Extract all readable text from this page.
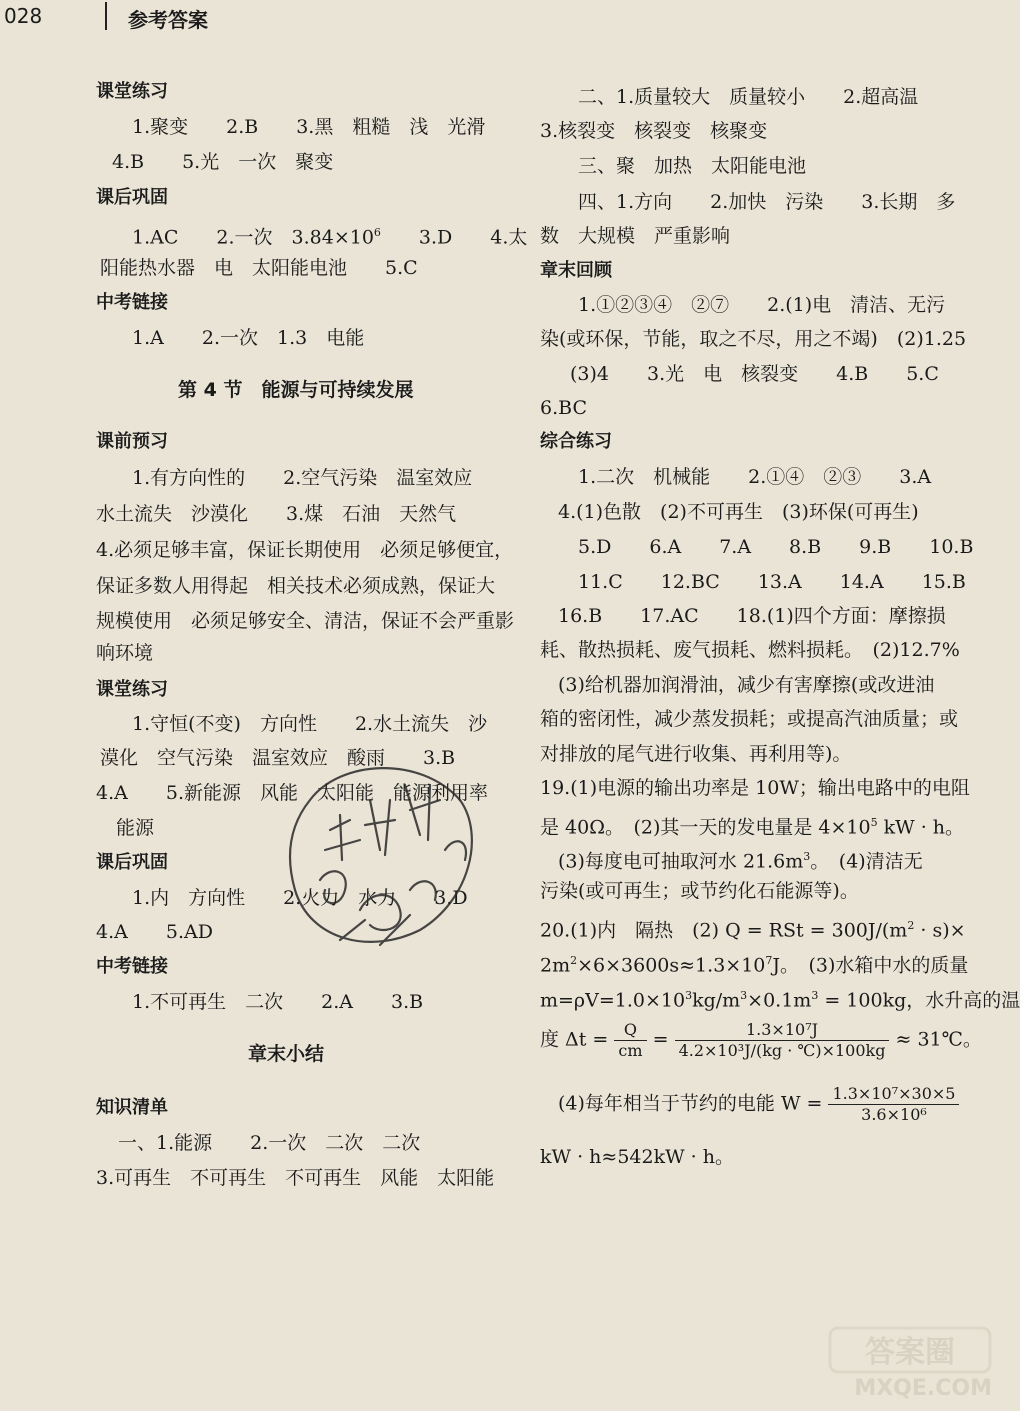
028	参考答案
课堂练习
1.聚变　　2.B　　3.黑　粗糙　浅　光滑
4.B　　5.光　一次　聚变
课后巩固
1.AC　　2.一次　$3.84\times 10^6$　　3.D　　4.太
阳能热水器　电　太阳能电池　　5.C
中考链接
1.A　　2.一次　1.3　电能
第 4 节　能源与可持续发展
课前预习
1.有方向性的　　2.空气污染　温室效应
水土流失　沙漠化　　3.煤　石油　天然气
4.必须足够丰富，保证长期使用　必须足够便宜，
保证多数人用得起　相关技术必须成熟，保证大
规模使用　必须足够安全、清洁，保证不会严重影
响环境
课堂练习
1.守恒(不变)　方向性　　2.水土流失　沙
漠化　空气污染　温室效应　酸雨　　3.B
4.A　　5.新能源　风能　太阳能　能源利用率
能源
课后巩固
1.内　方向性　　2.火力　水力　　3.D
4.A　　5.AD
中考链接
1.不可再生　二次　　2.A　　3.B
章末小结
知识清单
一、1.能源　　2.一次　二次　二次
3.可再生　不可再生　不可再生　风能　太阳能
二、1.质量较大　质量较小　　2.超高温
3.核裂变　核裂变　核聚变
三、聚　加热　太阳能电池
四、1.方向　　2.加快　污染　　3.长期　多
数　大规模　严重影响
章末回顾
1.①②③④　②⑦　　2.(1)电　清洁、无污
染(或环保，节能，取之不尽，用之不竭)　(2)1.25
(3)4　　3.光　电　核裂变　　4.B　　5.C
6.BC
综合练习
1.二次　机械能　　2.①④　②③　　3.A
4.(1)色散　(2)不可再生　(3)环保(可再生)
5.D　　6.A　　7.A　　8.B　　9.B　　10.B
11.C　　12.BC　　13.A　　14.A　　15.B
16.B　　17.AC　　18.(1)四个方面：摩擦损
耗、散热损耗、废气损耗、燃料损耗。　(2)12.7%
(3)给机器加润滑油，减少有害摩擦(或改进油
箱的密闭性，减少蒸发损耗；或提高汽油质量；或
对排放的尾气进行收集、再利用等)。
19.(1)电源的输出功率是 10W；输出电路中的电阻
是 40Ω。　(2)其一天的发电量是 $4\times 10^5$ kW · h。
(3)每度电可抽取河水 $21.6m^3$。　(4)清洁无
污染(或可再生；或节约化石能源等)。
20.(1)内　隔热　(2) Q = RSt = $300J/(m^2 \cdot s)\times$
$2m^2\times 6\times 3600s\approx 1.3\times 10^7J$。　(3)水箱中水的质量
$m=\rho V=1.0\times 10^3kg/m^3\times 0.1m^3 = 100kg$，水升高的温
度 $\Delta t = \frac{Q}{cm} = \frac{\text{1.3×10⁷J}}{\text{4.2×10³J/(kg · ℃)×100kg}}$ ≈ 31℃。
(4)每年相当于节约的电能 $W = \frac{\text{1.3×10⁷×30×5}}{\text{3.6×10⁶}}$
kW · h≈542kW · h。
答案圈
MXQE.COM
